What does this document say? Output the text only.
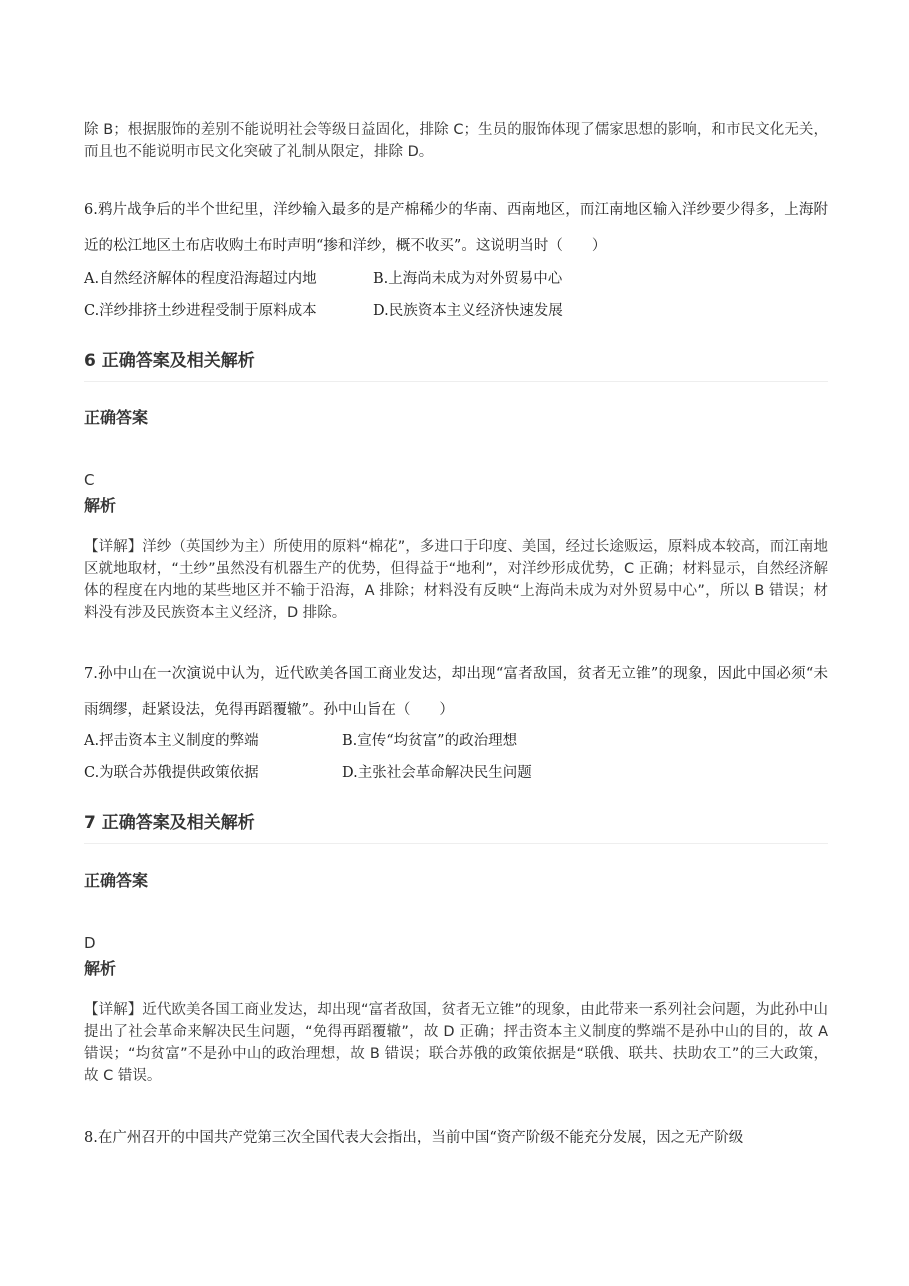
除 B；根据服饰的差别不能说明社会等级日益固化，排除 C；生员的服饰体现了儒家思想的影响，和市民文化无关，而且也不能说明市民文化突破了礼制从限定，排除 D。

6.鸦片战争后的半个世纪里，洋纱输入最多的是产棉稀少的华南、西南地区，而江南地区输入洋纱要少得多，上海附近的松江地区土布店收购土布时声明“掺和洋纱，概不收买”。这说明当时（　　）

A.自然经济解体的程度沿海超过内地	B.上海尚未成为对外贸易中心
C.洋纱排挤土纱进程受制于原料成本	D.民族资本主义经济快速发展
6 正确答案及相关解析
正确答案

C

解析

【详解】洋纱（英国纱为主）所使用的原料“棉花”，多进口于印度、美国，经过长途贩运，原料成本较高，而江南地区就地取材，“土纱”虽然没有机器生产的优势，但得益于“地利”，对洋纱形成优势，C 正确；材料显示，自然经济解体的程度在内地的某些地区并不输于沿海，A 排除；材料没有反映“上海尚未成为对外贸易中心”，所以 B 错误；材料没有涉及民族资本主义经济，D 排除。

7.孙中山在一次演说中认为，近代欧美各国工商业发达，却出现“富者敌国，贫者无立锥”的现象，因此中国必须“未雨绸缪，赶紧设法，免得再蹈覆辙”。孙中山旨在（　　）

A.抨击资本主义制度的弊端	B.宣传“均贫富”的政治理想
C.为联合苏俄提供政策依据	D.主张社会革命解决民生问题
7 正确答案及相关解析
正确答案

D

解析

【详解】近代欧美各国工商业发达，却出现“富者敌国，贫者无立锥”的现象，由此带来一系列社会问题，为此孙中山提出了社会革命来解决民生问题，“免得再蹈覆辙”，故 D 正确；抨击资本主义制度的弊端不是孙中山的目的，故 A 错误；“均贫富”不是孙中山的政治理想，故 B 错误；联合苏俄的政策依据是“联俄、联共、扶助农工”的三大政策，故 C 错误。

8.在广州召开的中国共产党第三次全国代表大会指出，当前中国“资产阶级不能充分发展，因之无产阶级
